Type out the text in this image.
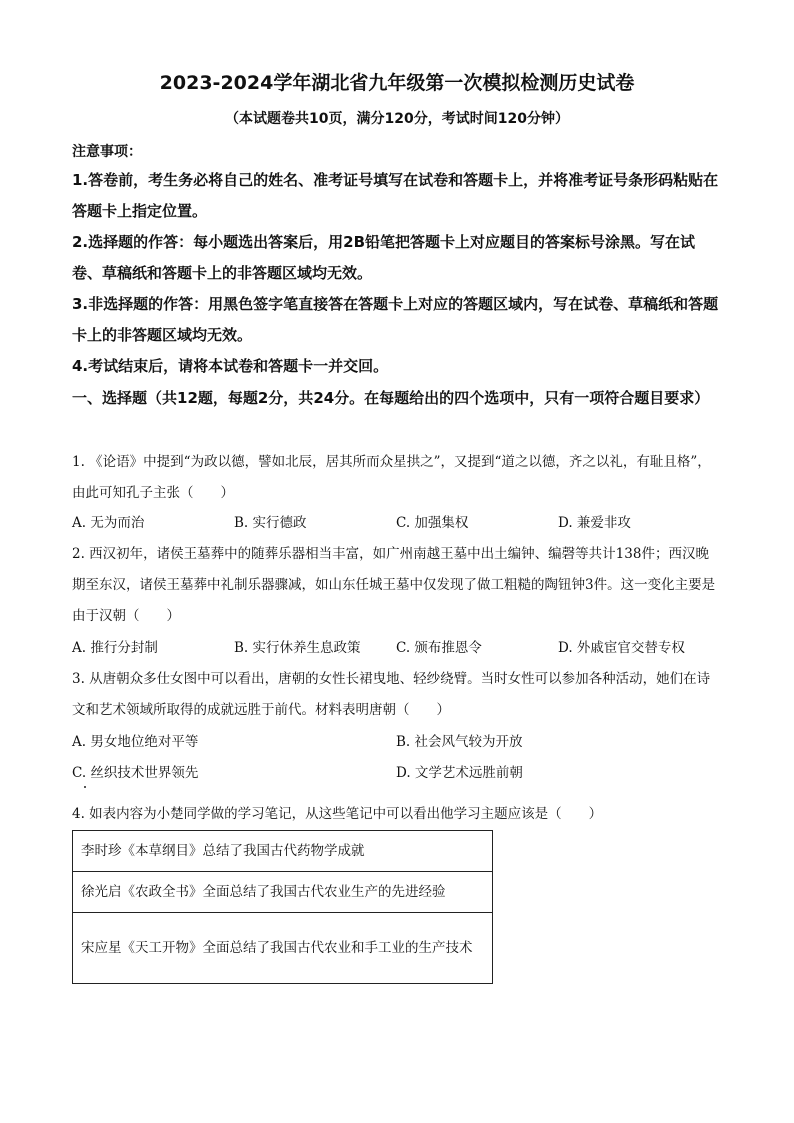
2023-2024学年湖北省九年级第一次模拟检测历史试卷
（本试题卷共10页，满分120分，考试时间120分钟）
注意事项：
1.答卷前，考生务必将自己的姓名、准考证号填写在试卷和答题卡上，并将准考证号条形码粘贴在答题卡上指定位置。
2.选择题的作答：每小题选出答案后，用2B铅笔把答题卡上对应题目的答案标号涂黑。写在试卷、草稿纸和答题卡上的非答题区域均无效。
3.非选择题的作答：用黑色签字笔直接答在答题卡上对应的答题区域内，写在试卷、草稿纸和答题卡上的非答题区域均无效。
4.考试结束后，请将本试卷和答题卡一并交回。
一、选择题（共12题，每题2分，共24分。在每题给出的四个选项中，只有一项符合题目要求）
1. 《论语》中提到“为政以德，譬如北辰，居其所而众星拱之”，又提到“道之以德，齐之以礼，有耻且格”，由此可知孔子主张（　　）
A. 无为而治	B. 实行德政	C. 加强集权	D. 兼爱非攻
2. 西汉初年，诸侯王墓葬中的随葬乐器相当丰富，如广州南越王墓中出土编钟、编磬等共计138件；西汉晚期至东汉，诸侯王墓葬中礼制乐器骤减，如山东任城王墓中仅发现了做工粗糙的陶钮钟3件。这一变化主要是由于汉朝（　　）
A. 推行分封制	B. 实行休养生息政策	C. 颁布推恩令	D. 外戚宦官交替专权
3. 从唐朝众多仕女图中可以看出，唐朝的女性长裙曳地、轻纱绕臂。当时女性可以参加各种活动，她们在诗文和艺术领域所取得的成就远胜于前代。材料表明唐朝（　　）
A. 男女地位绝对平等	B. 社会风气较为开放
C. 丝织技术世界领先	D. 文学艺术远胜前朝
4. 如表内容为小楚同学做的学习笔记，从这些笔记中可以看出他学习主题应该是（　　）
李时珍《本草纲目》总结了我国古代药物学成就
徐光启《农政全书》全面总结了我国古代农业生产的先进经验
宋应星《天工开物》全面总结了我国古代农业和手工业的生产技术
